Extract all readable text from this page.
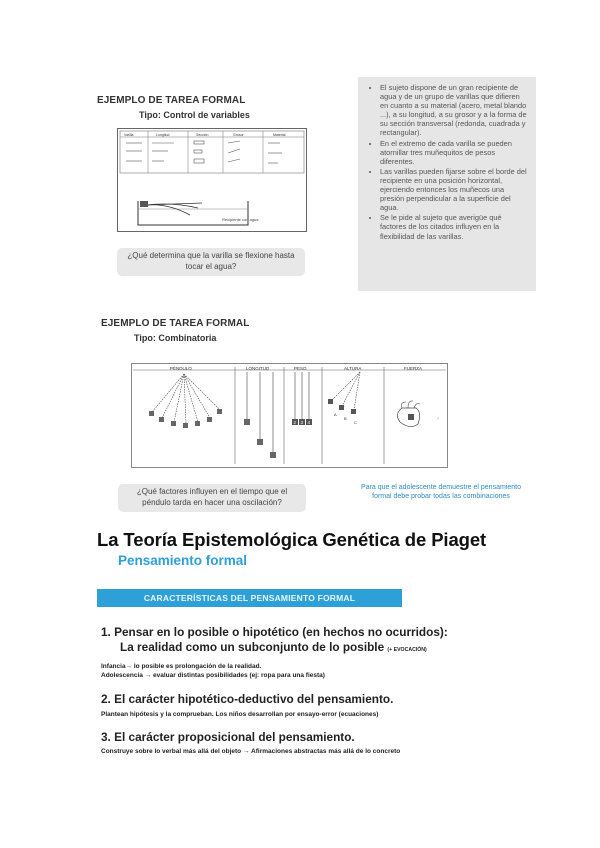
EJEMPLO DE TAREA FORMAL
Tipo: Control de variables
Varilla	Longitud	Sección	Grosor	Material
Recipiente con agua
¿Qué determina que la varilla se flexione hasta tocar el agua?
• El sujeto dispone de un gran recipiente de agua y de un grupo de varillas que difieren en cuanto a su material (acero, metal blando ...), a su longitud, a su grosor y a la forma de su sección transversal (redonda, cuadrada y rectangular).
• En el extremo de cada varilla se pueden atornillar tres muñequitos de pesos diferentes.
• Las varillas pueden fijarse sobre el borde del recipiente en una posición horizontal, ejerciendo entonces los muñecos una presión perpendicular a la superficie del agua.
• Se le pide al sujeto que averigüe qué factores de los citados influyen en la flexibilidad de las varillas.
EJEMPLO DE TAREA FORMAL
Tipo: Combinatoria
PÉNDULO	LONGITUD	PESO	ALTURA	FUERZA
2 3 4
A
B
C
›
Para que el adolescente demuestre el pensamiento formal debe probar todas las combinaciones
¿Qué factores influyen en el tiempo que el péndulo tarda en hacer una oscilación?
La Teoría Epistemológica Genética de Piaget
Pensamiento formal
CARACTERÍSTICAS DEL PENSAMIENTO FORMAL
1. Pensar en lo posible o hipotético (en hechos no ocurridos):
La realidad como un subconjunto de lo posible (+ EVOCACIÓN)
Infancia→ lo posible es prolongación de la realidad.
Adolescencia → evaluar distintas posibilidades (ej: ropa para una fiesta)
2. El carácter hipotético-deductivo del pensamiento.
Plantean hipótesis y la comprueban. Los niños desarrollan por ensayo-error (ecuaciones)
3. El carácter proposicional del pensamiento.
Construye sobre lo verbal más allá del objeto → Afirmaciones abstractas más allá de lo concreto
